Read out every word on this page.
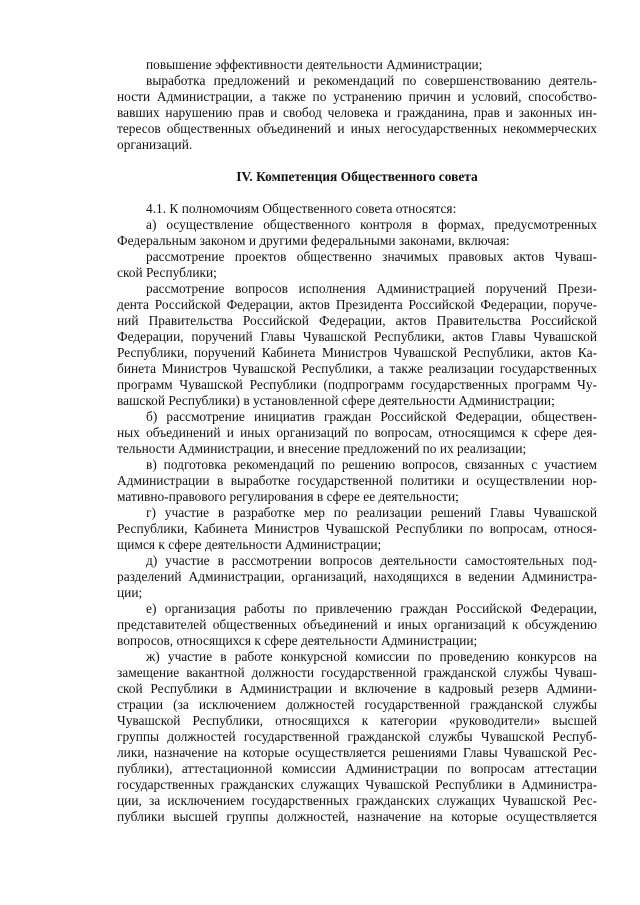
повышение эффективности деятельности Администрации;
выработка предложений и рекомендаций по совершенствованию деятель-
ности Администрации, а также по устранению причин и условий, способство-
вавших нарушению прав и свобод человека и гражданина, прав и законных ин-
тересов общественных объединений и иных негосударственных некоммерческих
организаций.
IV. Компетенция Общественного совета
4.1. К полномочиям Общественного совета относятся:
а) осуществление общественного контроля в формах, предусмотренных
Федеральным законом и другими федеральными законами, включая:
рассмотрение проектов общественно значимых правовых актов Чуваш-
ской Республики;
рассмотрение вопросов исполнения Администрацией поручений Прези-
дента Российской Федерации, актов Президента Российской Федерации, поруче-
ний Правительства Российской Федерации, актов Правительства Российской
Федерации, поручений Главы Чувашской Республики, актов Главы Чувашской
Республики, поручений Кабинета Министров Чувашской Республики, актов Ка-
бинета Министров Чувашской Республики, а также реализации государственных
программ Чувашской Республики (подпрограмм государственных программ Чу-
вашской Республики) в установленной сфере деятельности Администрации;
б) рассмотрение инициатив граждан Российской Федерации, обществен-
ных объединений и иных организаций по вопросам, относящимся к сфере дея-
тельности Администрации, и внесение предложений по их реализации;
в) подготовка рекомендаций по решению вопросов, связанных с участием
Администрации в выработке государственной политики и осуществлении нор-
мативно-правового регулирования в сфере ее деятельности;
г) участие в разработке мер по реализации решений Главы Чувашской
Республики, Кабинета Министров Чувашской Республики по вопросам, относя-
щимся к сфере деятельности Администрации;
д) участие в рассмотрении вопросов деятельности самостоятельных под-
разделений Администрации, организаций, находящихся в ведении Администра-
ции;
е) организация работы по привлечению граждан Российской Федерации,
представителей общественных объединений и иных организаций к обсуждению
вопросов, относящихся к сфере деятельности Администрации;
ж) участие в работе конкурсной комиссии по проведению конкурсов на
замещение вакантной должности государственной гражданской службы Чуваш-
ской Республики в Администрации и включение в кадровый резерв Админи-
страции (за исключением должностей государственной гражданской службы
Чувашской Республики, относящихся к категории «руководители» высшей
группы должностей государственной гражданской службы Чувашской Респуб-
лики, назначение на которые осуществляется решениями Главы Чувашской Рес-
публики), аттестационной комиссии Администрации по вопросам аттестации
государственных гражданских служащих Чувашской Республики в Администра-
ции, за исключением государственных гражданских служащих Чувашской Рес-
публики высшей группы должностей, назначение на которые осуществляется
